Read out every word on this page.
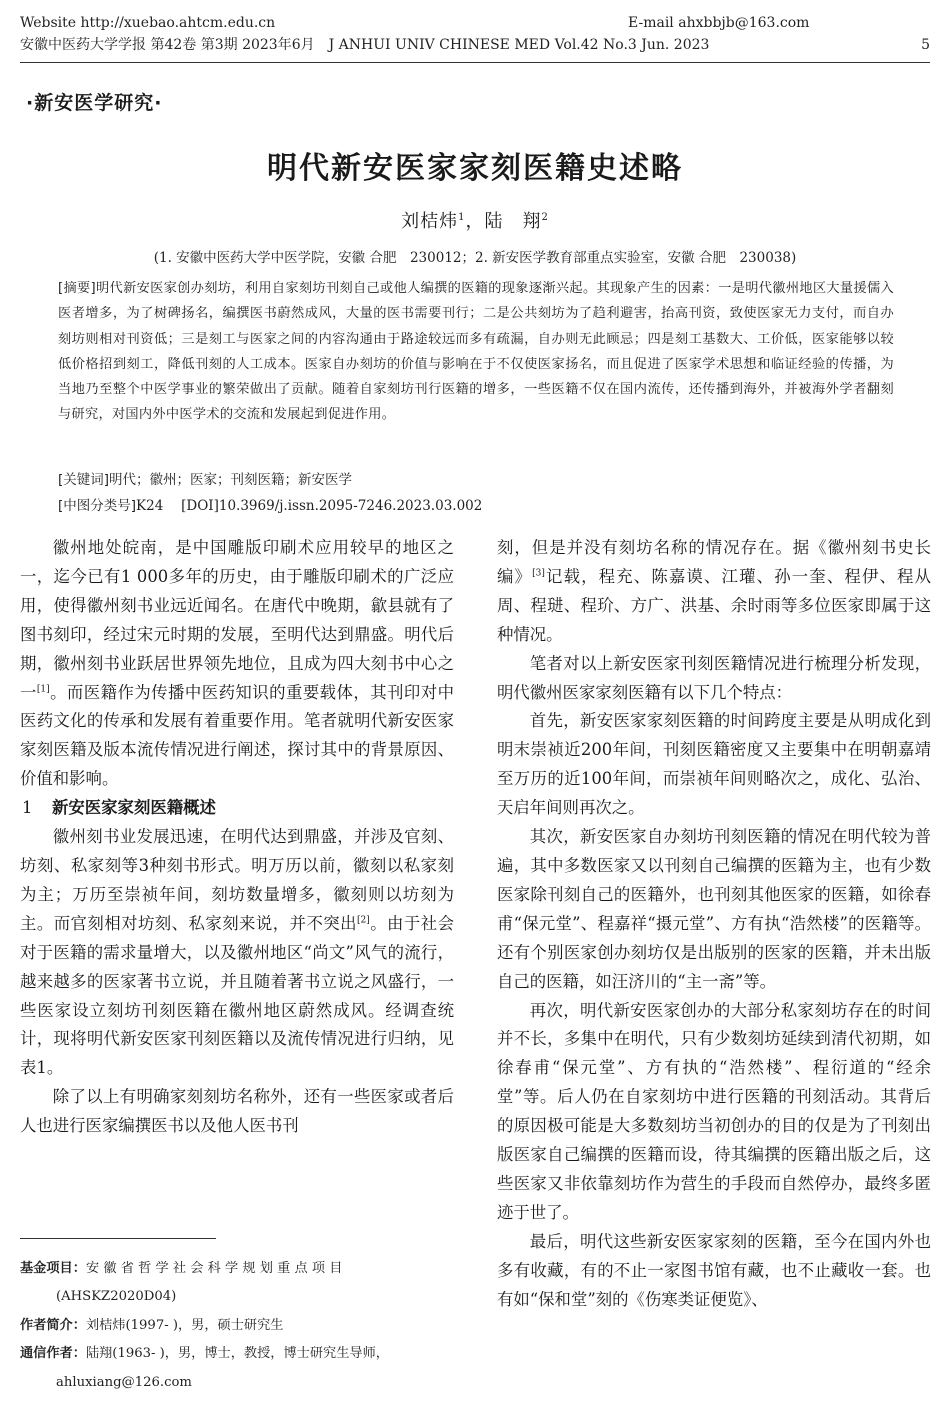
Website http://xuebao.ahtcm.edu.cn	E-mail ahxbbjb@163.com
安徽中医药大学学报 第42卷 第3期 2023年6月　 J ANHUI UNIV CHINESE MED Vol.42 No.3 Jun. 2023	5
·新安医学研究·
明代新安医家家刻医籍史述略
刘桔炜$^1$，陆　翔$^2$
(1. 安徽中医药大学中医学院，安徽 合肥　230012；2. 新安医学教育部重点实验室，安徽 合肥　230038)
[摘要]明代新安医家创办刻坊，利用自家刻坊刊刻自己或他人编撰的医籍的现象逐渐兴起。其现象产生的因素：一是明代徽州地区大量援儒入医者增多，为了树碑扬名，编撰医书蔚然成风，大量的医书需要刊行；二是公共刻坊为了趋利避害，抬高刊资，致使医家无力支付，而自办刻坊则相对刊资低；三是刻工与医家之间的内容沟通由于路途较远而多有疏漏，自办则无此顾忌；四是刻工基数大、工价低，医家能够以较低价格招到刻工，降低刊刻的人工成本。医家自办刻坊的价值与影响在于不仅使医家扬名，而且促进了医家学术思想和临证经验的传播，为当地乃至整个中医学事业的繁荣做出了贡献。随着自家刻坊刊行医籍的增多，一些医籍不仅在国内流传，还传播到海外，并被海外学者翻刻与研究，对国内外中医学术的交流和发展起到促进作用。
[关键词]明代；徽州；医家；刊刻医籍；新安医学
[中图分类号]K24　 [DOI]10.3969/j.issn.2095-7246.2023.03.002

徽州地处皖南，是中国雕版印刷术应用较早的地区之一，迄今已有1 000多年的历史，由于雕版印刷术的广泛应用，使得徽州刻书业远近闻名。在唐代中晚期，歙县就有了图书刻印，经过宋元时期的发展，至明代达到鼎盛。明代后期，徽州刻书业跃居世界领先地位，且成为四大刻书中心之一[1]。而医籍作为传播中医药知识的重要载体，其刊印对中医药文化的传承和发展有着重要作用。笔者就明代新安医家家刻医籍及版本流传情况进行阐述，探讨其中的背景原因、价值和影响。

1 新安医家家刻医籍概述

徽州刻书业发展迅速，在明代达到鼎盛，并涉及官刻、坊刻、私家刻等3种刻书形式。明万历以前，徽刻以私家刻为主；万历至崇祯年间，刻坊数量增多，徽刻则以坊刻为主。而官刻相对坊刻、私家刻来说，并不突出[2]。由于社会对于医籍的需求量增大，以及徽州地区“尚文”风气的流行，越来越多的医家著书立说，并且随着著书立说之风盛行，一些医家设立刻坊刊刻医籍在徽州地区蔚然成风。经调查统计，现将明代新安医家刊刻医籍以及流传情况进行归纳，见表1。

除了以上有明确家刻刻坊名称外，还有一些医家或者后人也进行医家编撰医书以及他人医书刊

刻，但是并没有刻坊名称的情况存在。据《徽州刻书史长编》[3]记载，程充、陈嘉谟、江瓘、孙一奎、程伊、程从周、程琎、程玠、方广、洪基、余时雨等多位医家即属于这种情况。

笔者对以上新安医家刊刻医籍情况进行梳理分析发现，明代徽州医家家刻医籍有以下几个特点：

首先，新安医家家刻医籍的时间跨度主要是从明成化到明末崇祯近200年间，刊刻医籍密度又主要集中在明朝嘉靖至万历的近100年间，而崇祯年间则略次之，成化、弘治、天启年间则再次之。

其次，新安医家自办刻坊刊刻医籍的情况在明代较为普遍，其中多数医家又以刊刻自己编撰的医籍为主，也有少数医家除刊刻自己的医籍外，也刊刻其他医家的医籍，如徐春甫“保元堂”、程嘉祥“摄元堂”、方有执“浩然楼”的医籍等。还有个别医家创办刻坊仅是出版别的医家的医籍，并未出版自己的医籍，如汪济川的“主一斋”等。

再次，明代新安医家创办的大部分私家刻坊存在的时间并不长，多集中在明代，只有少数刻坊延续到清代初期，如徐春甫“保元堂”、方有执的“浩然楼”、程衍道的“经余堂”等。后人仍在自家刻坊中进行医籍的刊刻活动。其背后的原因极可能是大多数刻坊当初创办的目的仅是为了刊刻出版医家自己编撰的医籍而设，待其编撰的医籍出版之后，这些医家又非依靠刻坊作为营生的手段而自然停办，最终多匿迹于世了。

最后，明代这些新安医家家刻的医籍，至今在国内外也多有收藏，有的不止一家图书馆有藏，也不止藏收一套。也有如“保和堂”刻的《伤寒类证便览》、

基金项目：安 徽 省 哲 学 社 会 科 学 规 划 重 点 项 目
(AHSKZ2020D04)
作者简介：刘桔炜(1997- )，男，硕士研究生
通信作者：陆翔(1963- )，男，博士，教授，博士研究生导师，
ahluxiang@126.com
